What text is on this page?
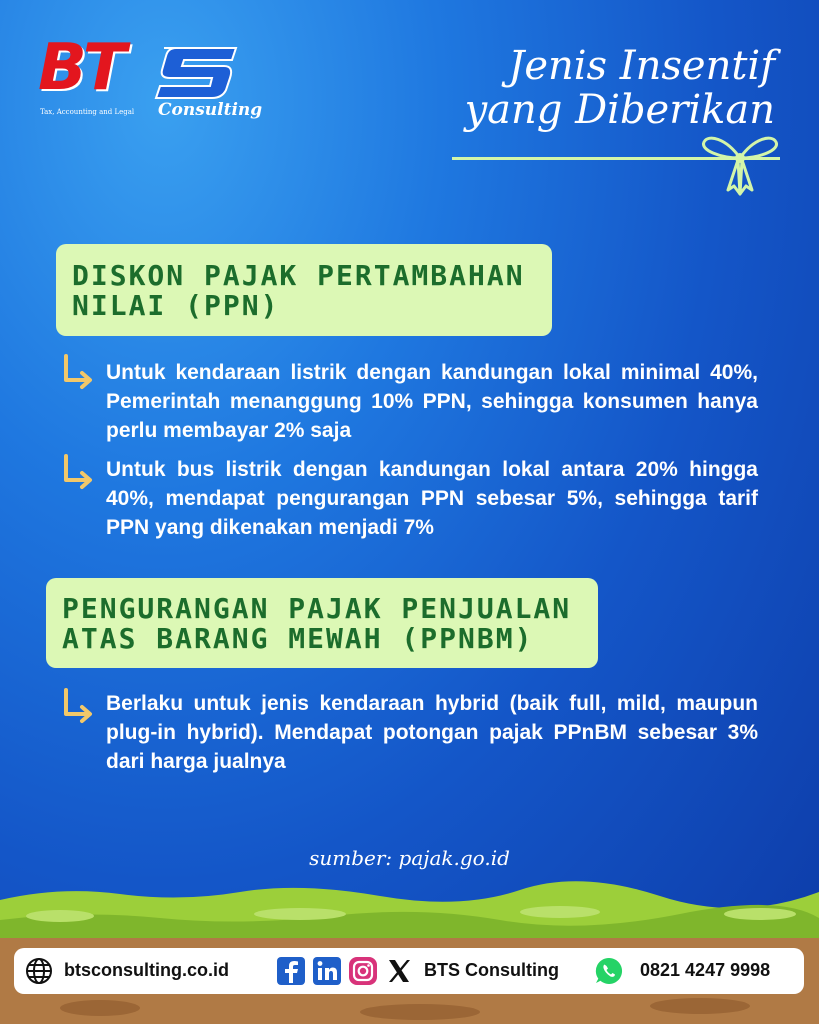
BT
Tax, Accounting and Legal Consulting
Jenis Insentif
yang Diberikan
DISKON PAJAK PERTAMBAHAN
NILAI (PPN)
Untuk kendaraan listrik dengan kandungan lokal minimal 40%, Pemerintah menanggung 10% PPN, sehingga konsumen hanya perlu membayar 2% saja
Untuk bus listrik dengan kandungan lokal antara 20% hingga 40%, mendapat pengurangan PPN sebesar 5%, sehingga tarif PPN yang dikenakan menjadi 7%
PENGURANGAN PAJAK PENJUALAN
ATAS BARANG MEWAH (PPNBM)
Berlaku untuk jenis kendaraan hybrid (baik full, mild, maupun plug-in hybrid). Mendapat potongan pajak PPnBM sebesar 3% dari harga jualnya
sumber: pajak.go.id
btsconsulting.co.id	BTS Consulting	0821 4247 9998
